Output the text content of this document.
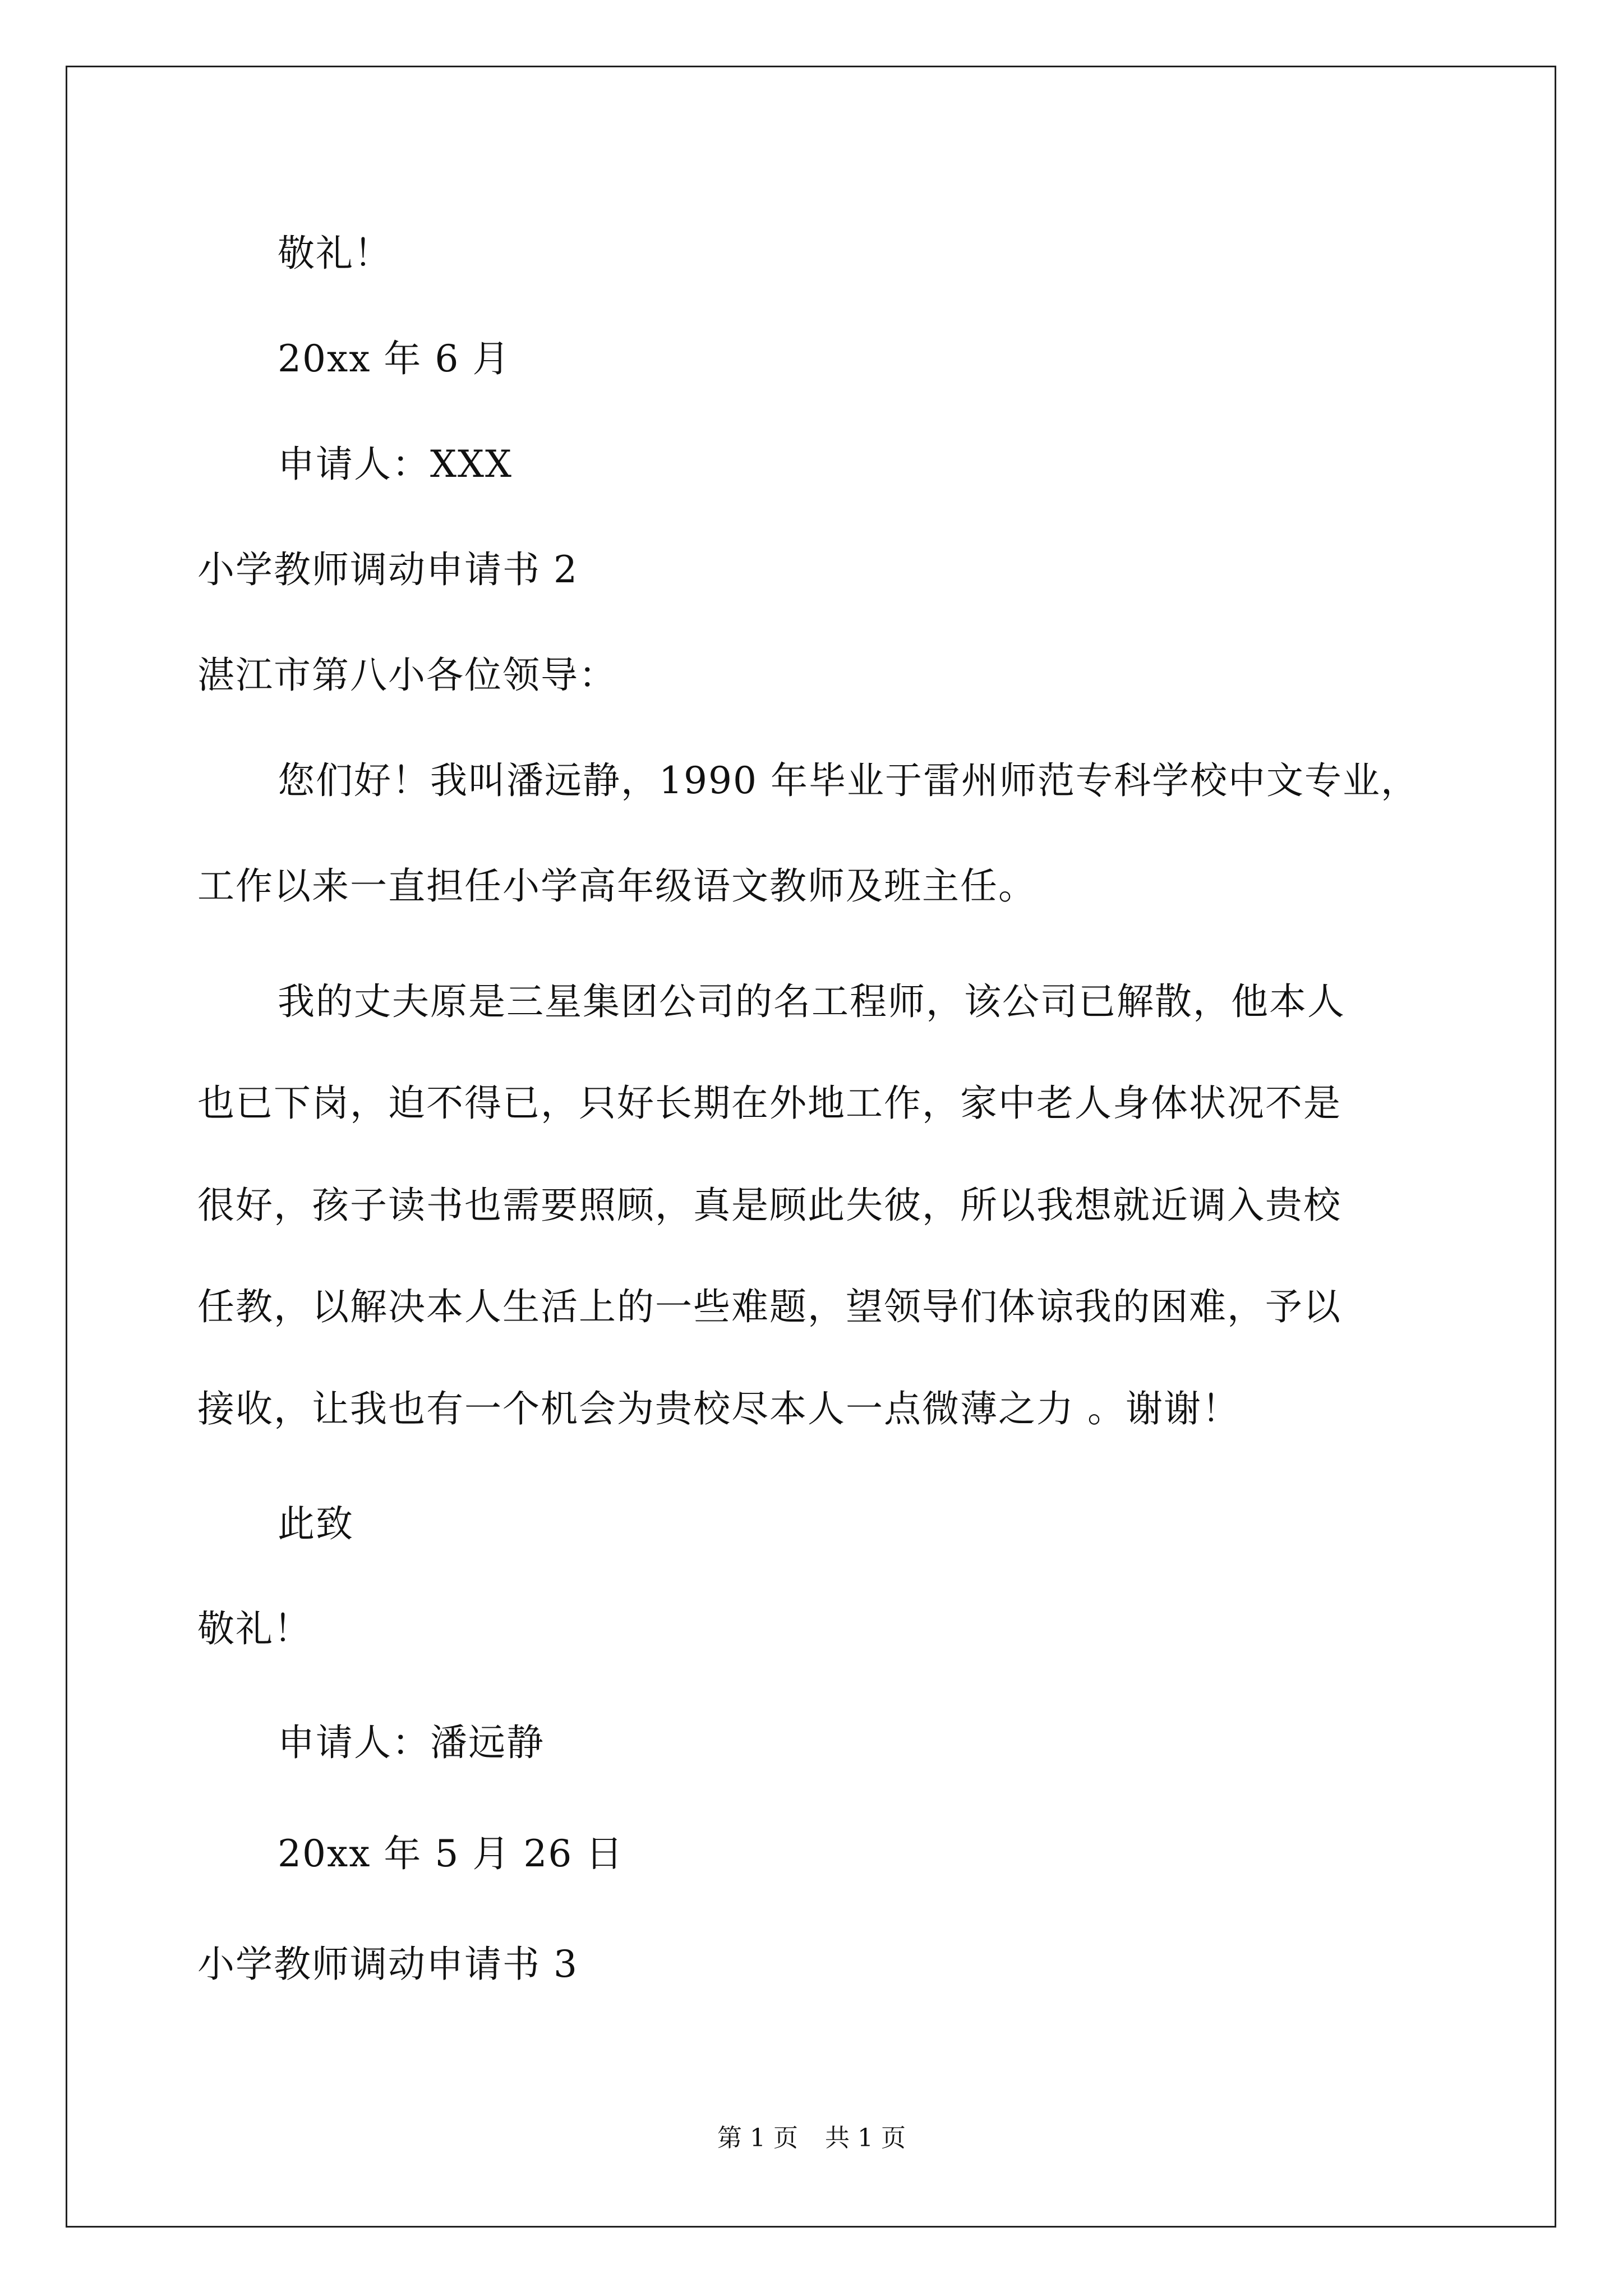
敬礼！
20xx 年 6 月
申请人：XXX
小学教师调动申请书 2
湛江市第八小各位领导：
您们好！我叫潘远静，1990 年毕业于雷州师范专科学校中文专业，
工作以来一直担任小学高年级语文教师及班主任。
我的丈夫原是三星集团公司的名工程师，该公司已解散，他本人
也已下岗，迫不得已，只好长期在外地工作，家中老人身体状况不是
很好，孩子读书也需要照顾，真是顾此失彼，所以我想就近调入贵校
任教，以解决本人生活上的一些难题，望领导们体谅我的困难，予以
接收，让我也有一个机会为贵校尽本人一点微薄之力 。谢谢！
此致
敬礼！
申请人：潘远静
20xx 年 5 月 26 日
小学教师调动申请书 3
第 1 页 共 1 页
